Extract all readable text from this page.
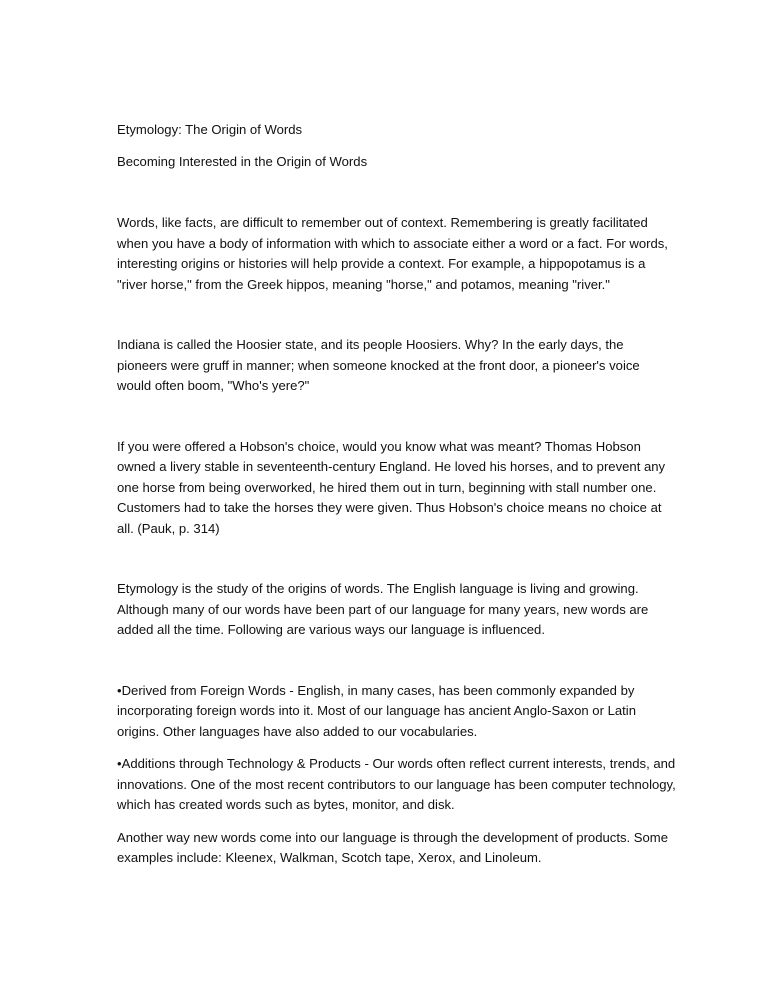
Etymology: The Origin of Words

Becoming Interested in the Origin of Words

Words, like facts, are difficult to remember out of context. Remembering is greatly facilitated when you have a body of information with which to associate either a word or a fact. For words, interesting origins or histories will help provide a context. For example, a hippopotamus is a "river horse," from the Greek hippos, meaning "horse," and potamos, meaning "river."

Indiana is called the Hoosier state, and its people Hoosiers. Why? In the early days, the pioneers were gruff in manner; when someone knocked at the front door, a pioneer's voice would often boom, "Who's yere?"

If you were offered a Hobson's choice, would you know what was meant? Thomas Hobson owned a livery stable in seventeenth-century England. He loved his horses, and to prevent any one horse from being overworked, he hired them out in turn, beginning with stall number one. Customers had to take the horses they were given. Thus Hobson's choice means no choice at all. (Pauk, p. 314)

Etymology is the study of the origins of words. The English language is living and growing. Although many of our words have been part of our language for many years, new words are added all the time. Following are various ways our language is influenced.

•Derived from Foreign Words - English, in many cases, has been commonly expanded by incorporating foreign words into it. Most of our language has ancient Anglo-Saxon or Latin origins. Other languages have also added to our vocabularies.

•Additions through Technology & Products - Our words often reflect current interests, trends, and innovations. One of the most recent contributors to our language has been computer technology, which has created words such as bytes, monitor, and disk.

Another way new words come into our language is through the development of products. Some examples include: Kleenex, Walkman, Scotch tape, Xerox, and Linoleum.
